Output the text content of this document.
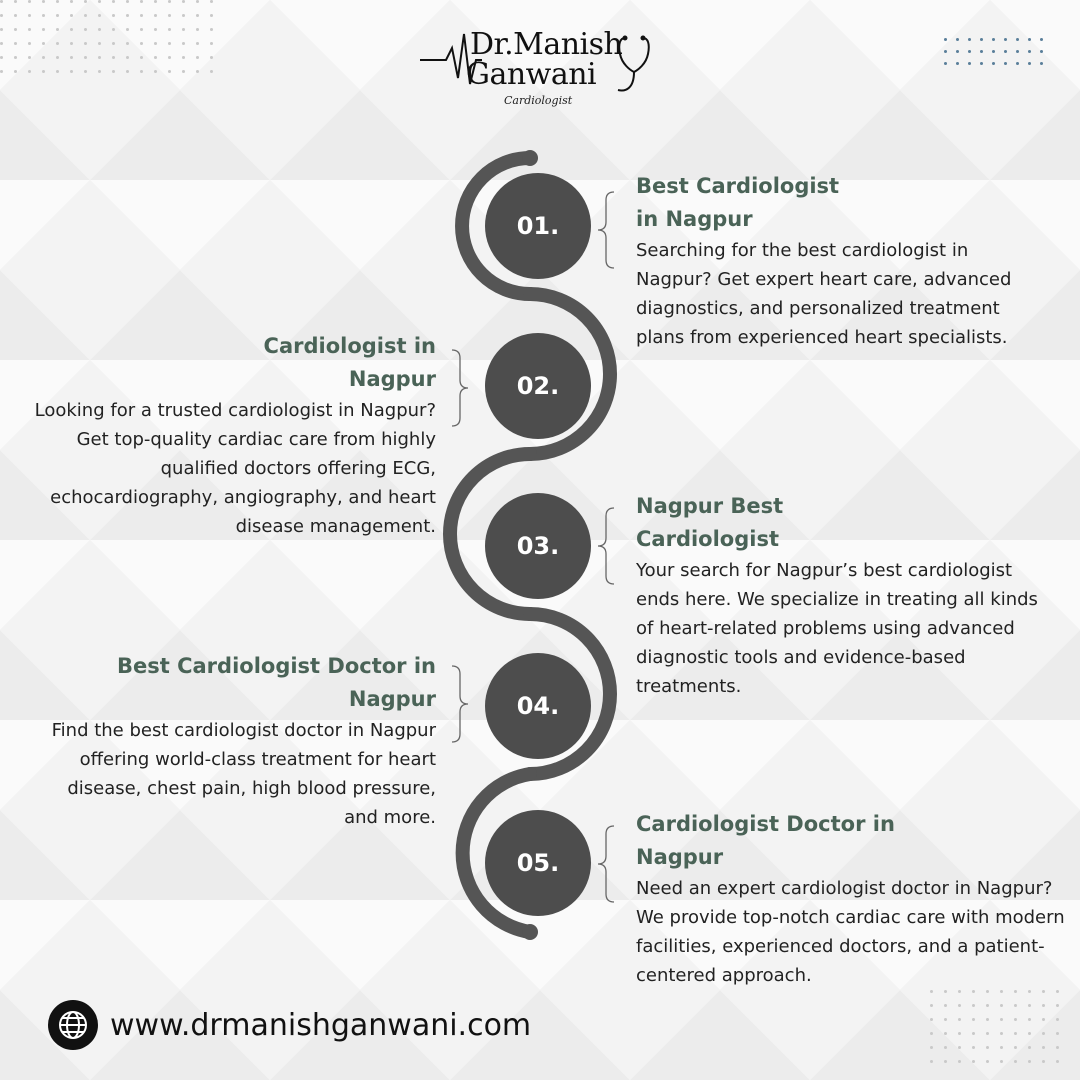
Dr.Manish
Ganwani
Cardiologist
01.
02.
03.
04.
05.
Best Cardiologist
in Nagpur

Searching for the best cardiologist in Nagpur? Get expert heart care, advanced diagnostics, and personalized treatment plans from experienced heart specialists.

Cardiologist in
Nagpur

Looking for a trusted cardiologist in Nagpur? Get top-quality cardiac care from highly qualified doctors offering ECG, echocardiography, angiography, and heart disease management.

Nagpur Best
Cardiologist

Your search for Nagpur’s best cardiologist ends here. We specialize in treating all kinds of heart-related problems using advanced diagnostic tools and evidence-based treatments.

Best Cardiologist Doctor in
Nagpur

Find the best cardiologist doctor in Nagpur offering world-class treatment for heart disease, chest pain, high blood pressure, and more.	Cardiologist Doctor in
Nagpur

Need an expert cardiologist doctor in Nagpur? We provide top-notch cardiac care with modern facilities, experienced doctors, and a patient-centered approach.

www.drmanishganwani.com
